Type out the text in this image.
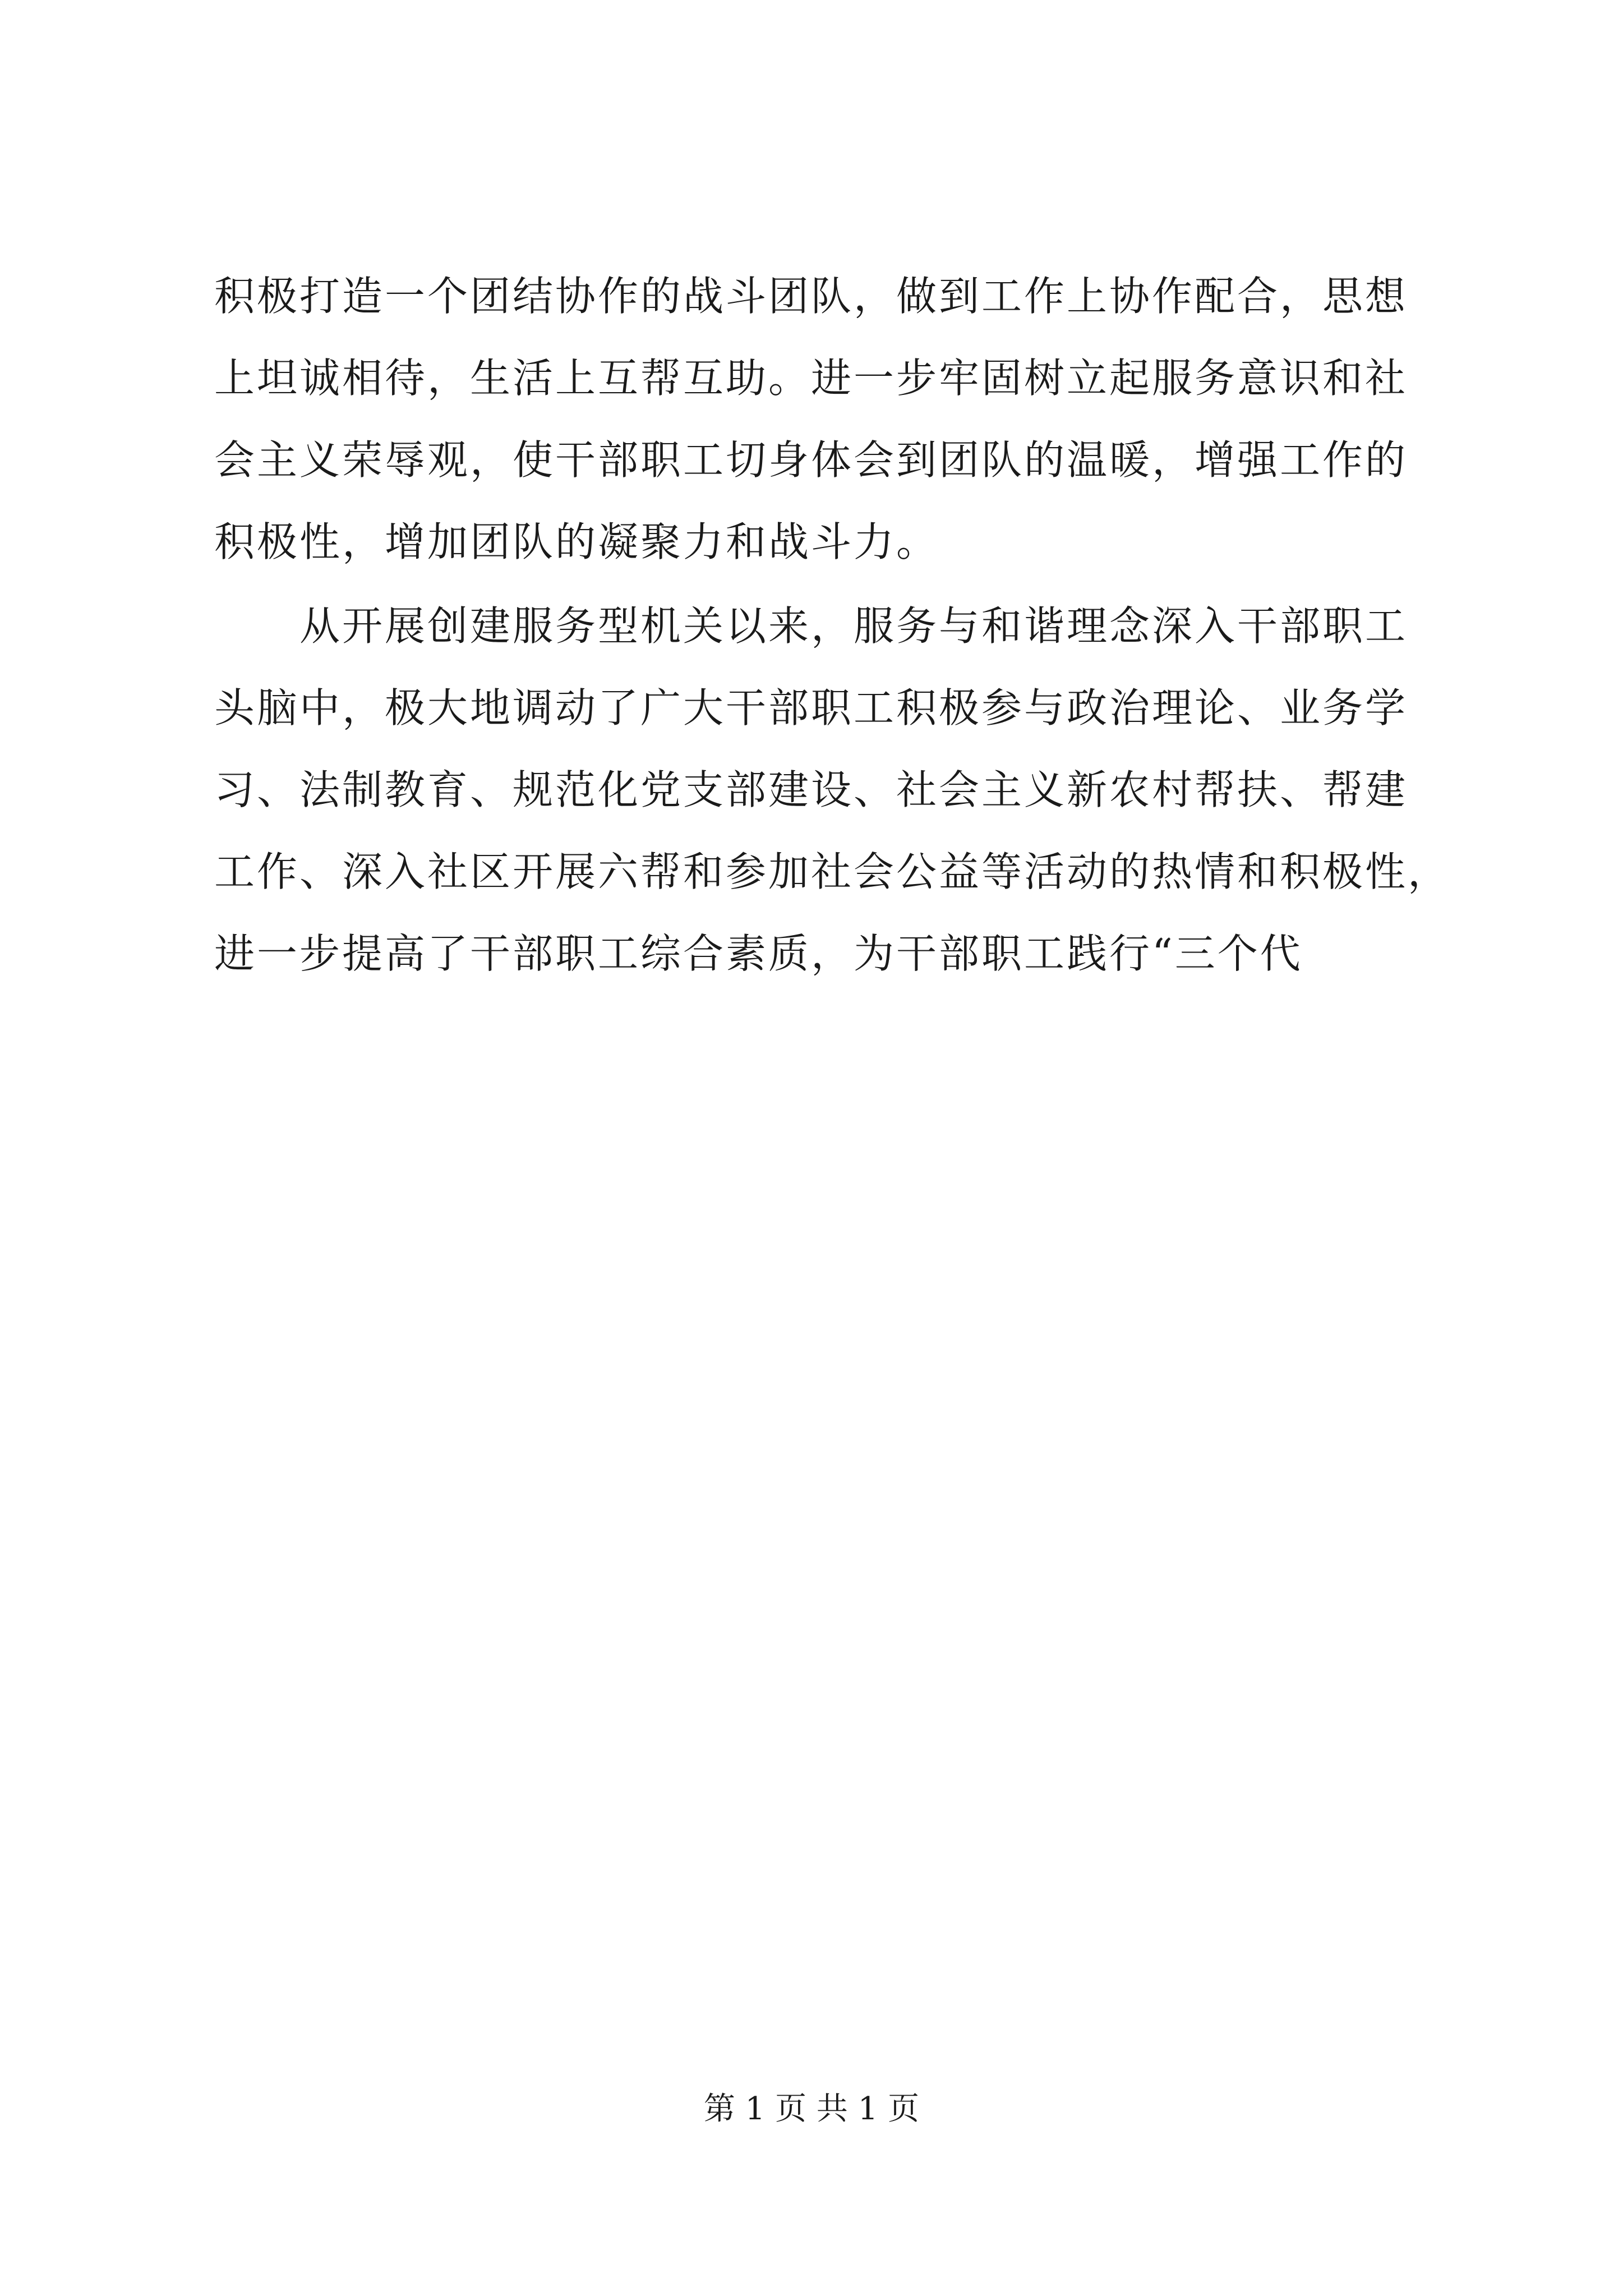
积极打造一个团结协作的战斗团队，做到工作上协作配合，思想
上坦诚相待，生活上互帮互助。进一步牢固树立起服务意识和社
会主义荣辱观，使干部职工切身体会到团队的温暖，增强工作的
积极性，增加团队的凝聚力和战斗力。
　　从开展创建服务型机关以来，服务与和谐理念深入干部职工
头脑中，极大地调动了广大干部职工积极参与政治理论、业务学
习、法制教育、规范化党支部建设、社会主义新农村帮扶、帮建
工作、深入社区开展六帮和参加社会公益等活动的热情和积极性，
进一步提高了干部职工综合素质，为干部职工践行“三个代
第 1 页 共 1 页
